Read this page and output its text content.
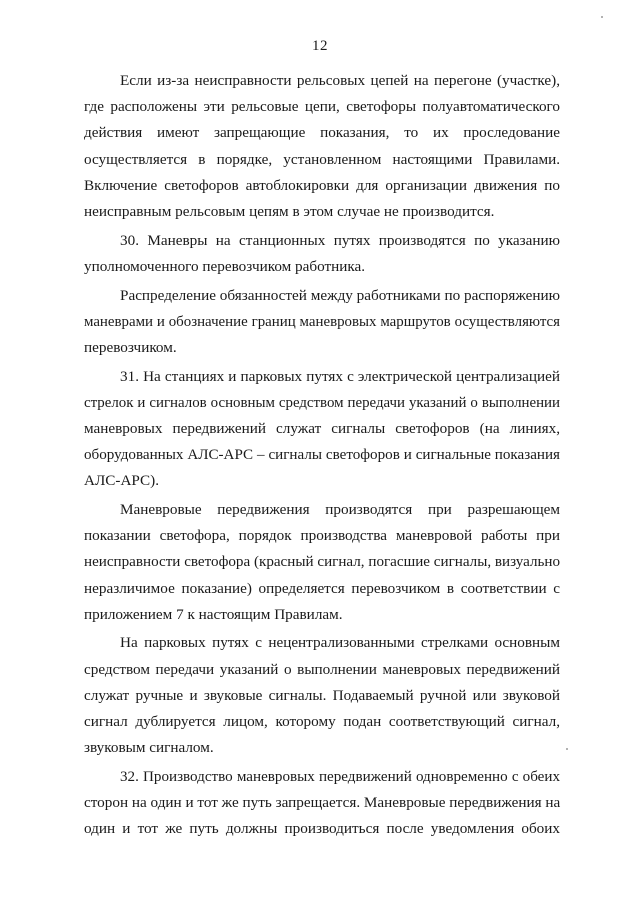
12
Если из-за неисправности рельсовых цепей на перегоне (участке),
где расположены эти рельсовые цепи, светофоры полуавтоматического
действия имеют запрещающие показания, то их проследование
осуществляется в порядке, установленном настоящими Правилами.
Включение светофоров автоблокировки для организации движения по
неисправным рельсовым цепям в этом случае не производится.
30. Маневры на станционных путях производятся по указанию
уполномоченного перевозчиком работника.
Распределение обязанностей между работниками по распоряжению
маневрами и обозначение границ маневровых маршрутов осуществляются
перевозчиком.
31. На станциях и парковых путях с электрической централизацией
стрелок и сигналов основным средством передачи указаний о выполнении
маневровых передвижений служат сигналы светофоров (на линиях,
оборудованных АЛС-АРС – сигналы светофоров и сигнальные показания
АЛС-АРС).
Маневровые передвижения производятся при разрешающем
показании светофора, порядок производства маневровой работы при
неисправности светофора (красный сигнал, погасшие сигналы, визуально
неразличимое показание) определяется перевозчиком в соответствии с
приложением 7 к настоящим Правилам.
На парковых путях с нецентрализованными стрелками основным
средством передачи указаний о выполнении маневровых передвижений
служат ручные и звуковые сигналы. Подаваемый ручной или звуковой
сигнал дублируется лицом, которому подан соответствующий сигнал,
звуковым сигналом.
32. Производство маневровых передвижений одновременно с обеих
сторон на один и тот же путь запрещается. Маневровые передвижения на
один и тот же путь должны производиться после уведомления обоих
